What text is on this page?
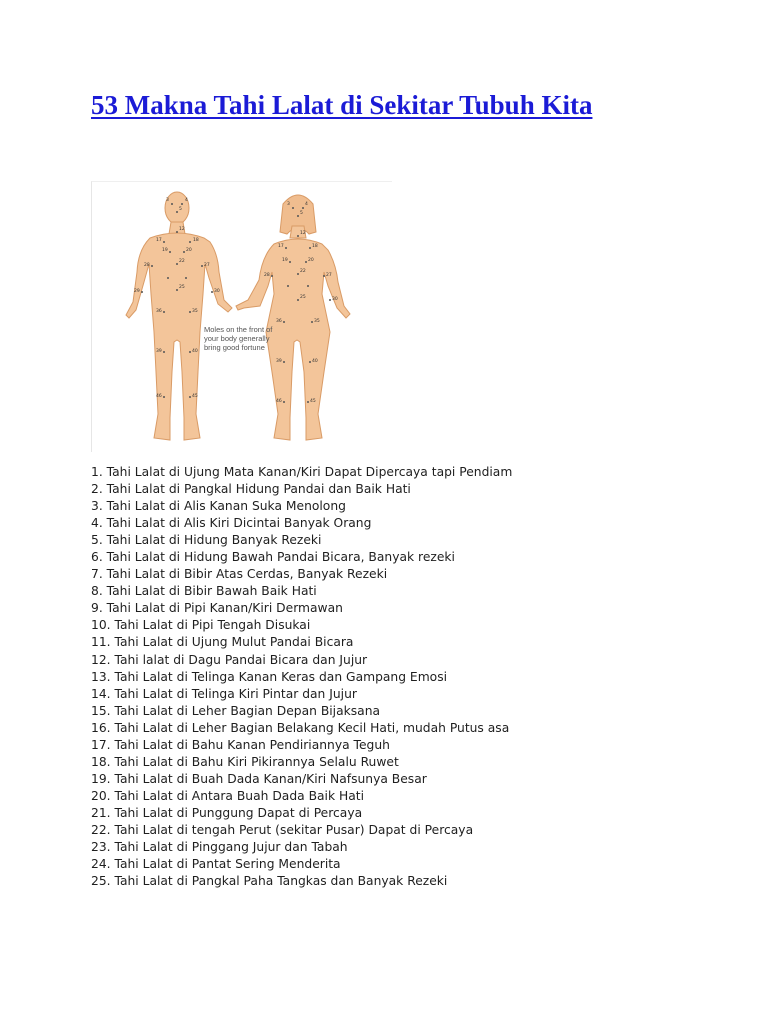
53 Makna Tahi Lalat di Sekitar Tubuh Kita
3	4
5
12
17	18
19	20
22
25
28	27
29	30
36	35
39	40
46	45
3	4
5
12
17	18
19	20
22
25
28	27
30
36	35
39	40
46	45
Moles on the front of
your body generally
bring good fortune
1. Tahi Lalat di Ujung Mata Kanan/Kiri Dapat Dipercaya tapi Pendiam
2. Tahi Lalat di Pangkal Hidung Pandai dan Baik Hati
3. Tahi Lalat di Alis Kanan Suka Menolong
4. Tahi Lalat di Alis Kiri Dicintai Banyak Orang
5. Tahi Lalat di Hidung Banyak Rezeki
6. Tahi Lalat di Hidung Bawah Pandai Bicara, Banyak rezeki
7. Tahi Lalat di Bibir Atas Cerdas, Banyak Rezeki
8. Tahi Lalat di Bibir Bawah Baik Hati
9. Tahi Lalat di Pipi Kanan/Kiri Dermawan
10. Tahi Lalat di Pipi Tengah Disukai
11. Tahi Lalat di Ujung Mulut Pandai Bicara
12. Tahi lalat di Dagu Pandai Bicara dan Jujur
13. Tahi Lalat di Telinga Kanan Keras dan Gampang Emosi
14. Tahi Lalat di Telinga Kiri Pintar dan Jujur
15. Tahi Lalat di Leher Bagian Depan Bijaksana
16. Tahi Lalat di Leher Bagian Belakang Kecil Hati, mudah Putus asa
17. Tahi Lalat di Bahu Kanan Pendiriannya Teguh
18. Tahi Lalat di Bahu Kiri Pikirannya Selalu Ruwet
19. Tahi Lalat di Buah Dada Kanan/Kiri Nafsunya Besar
20. Tahi Lalat di Antara Buah Dada Baik Hati
21. Tahi Lalat di Punggung Dapat di Percaya
22. Tahi Lalat di tengah Perut (sekitar Pusar) Dapat di Percaya
23. Tahi Lalat di Pinggang Jujur dan Tabah
24. Tahi Lalat di Pantat Sering Menderita
25. Tahi Lalat di Pangkal Paha Tangkas dan Banyak Rezeki
